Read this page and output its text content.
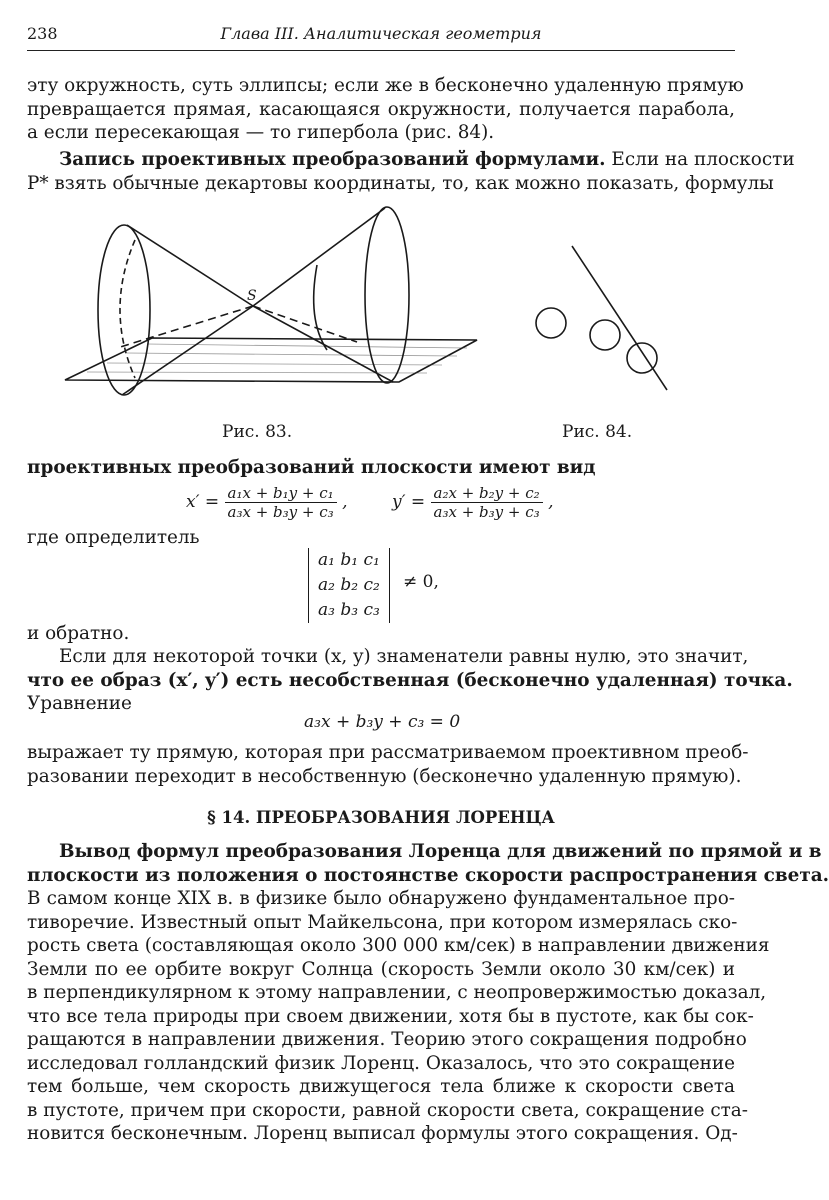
238	Глава III. Аналитическая геометрия
эту окружность, суть эллипсы; если же в бесконечно удаленную прямую
превращается прямая, касающаяся окружности, получается парабола,
а если пересекающая — то гипербола (рис. 84).
Запись проективных преобразований формулами. Если на плоскости
P* взять обычные декартовы координаты, то, как можно показать, формулы
S
Рис. 83.	Рис. 84.
проективных преобразований плоскости имеют вид
$x' = \frac{\text{a₁x + b₁y + c₁}}{\text{a₃x + b₃y + c₃}}$ ,	$y' = \frac{\text{a₂x + b₂y + c₂}}{\text{a₃x + b₃y + c₃}}$ ,
где определитель
a₁ b₁ c₁
a₂ b₂ c₂
a₃ b₃ c₃
≠ 0,
и обратно.
Если для некоторой точки (x, y) знаменатели равны нулю, это значит,
что ее образ (x′, y′) есть несобственная (бесконечно удаленная) точка.
Уравнение
a₃x + b₃y + c₃ = 0
выражает ту прямую, которая при рассматриваемом проективном преоб-
разовании переходит в несобственную (бесконечно удаленную прямую).
§ 14. ПРЕОБРАЗОВАНИЯ ЛОРЕНЦА
Вывод формул преобразования Лоренца для движений по прямой и в
плоскости из положения о постоянстве скорости распространения света.
В самом конце XIX в. в физике было обнаружено фундаментальное про-
тиворечие. Известный опыт Майкельсона, при котором измерялась ско-
рость света (составляющая около 300 000 км/сек) в направлении движения
Земли по ее орбите вокруг Солнца (скорость Земли около 30 км/сек) и
в перпендикулярном к этому направлении, с неопровержимостью доказал,
что все тела природы при своем движении, хотя бы в пустоте, как бы сок-
ращаются в направлении движения. Теорию этого сокращения подробно
исследовал голландский физик Лоренц. Оказалось, что это сокращение
тем больше, чем скорость движущегося тела ближе к скорости света
в пустоте, причем при скорости, равной скорости света, сокращение ста-
новится бесконечным. Лоренц выписал формулы этого сокращения. Од-
